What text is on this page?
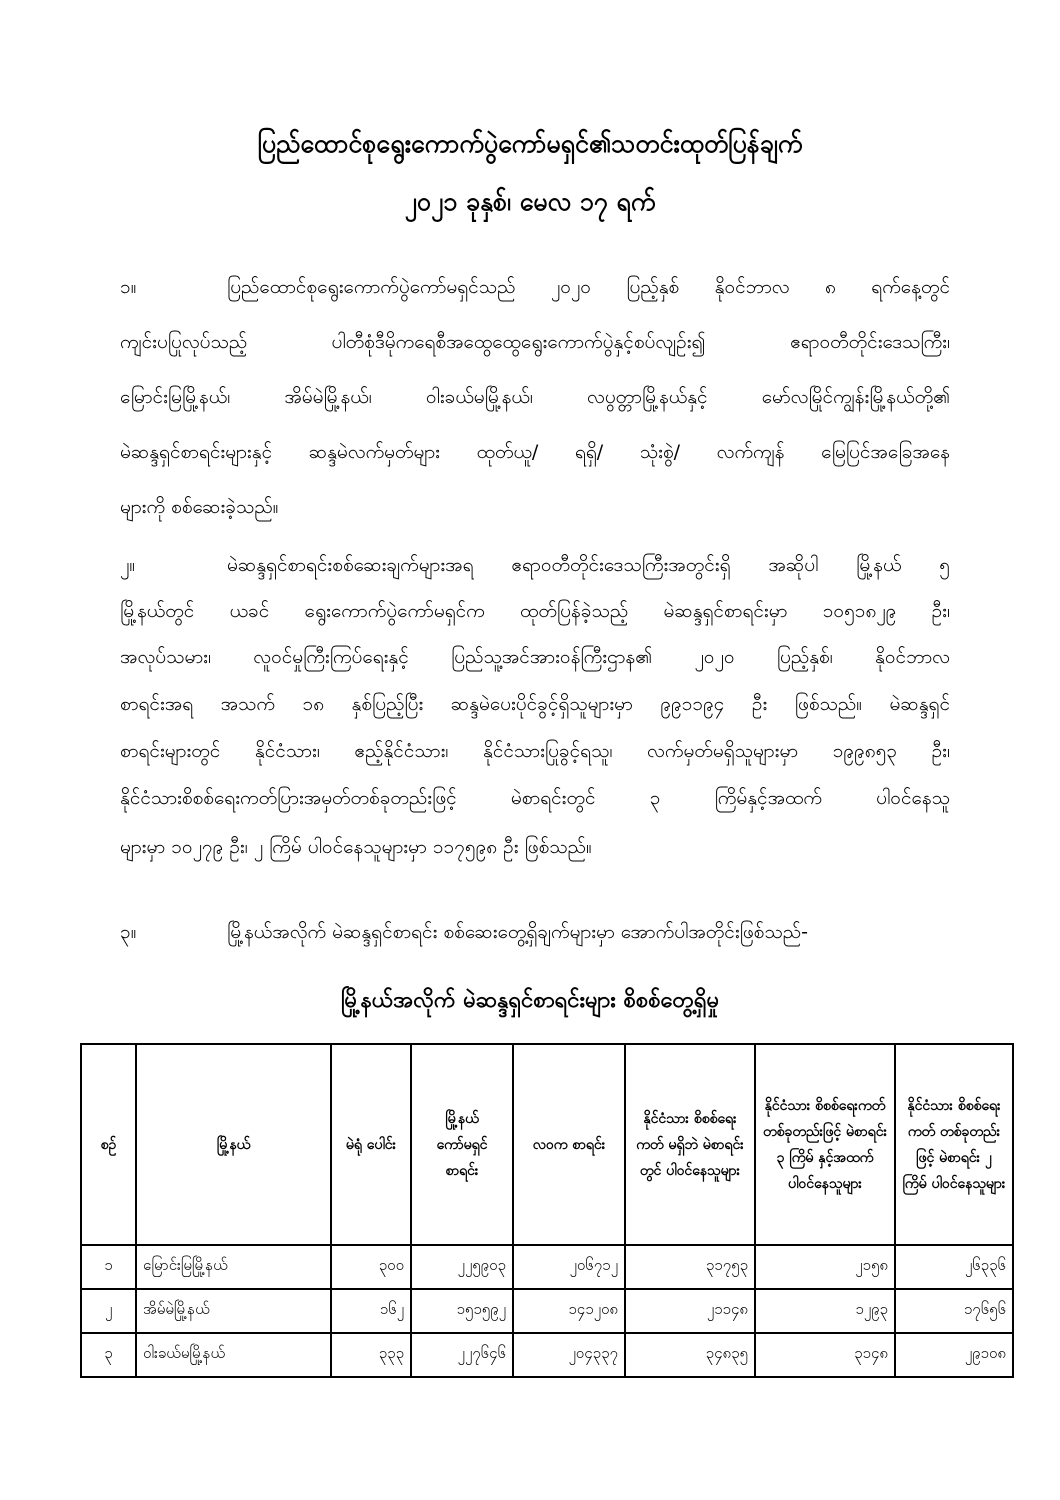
ပြည်ထောင်စုရွေးကောက်ပွဲကော်မရှင်၏သတင်းထုတ်ပြန်ချက်
၂၀၂၁ ခုနှစ်၊ မေလ ၁၇ ရက်
၁။	ပြည်ထောင်စုရွေးကောက်ပွဲကော်မရှင်သည် ၂၀၂၀ ပြည့်နှစ် နိုဝင်ဘာလ ၈ ရက်နေ့တွင်
ကျင်းပပြုလုပ်သည့် ပါတီစုံဒီမိုကရေစီအထွေထွေရွေးကောက်ပွဲနှင့်စပ်လျဉ်း၍ ဧရာဝတီတိုင်းဒေသကြီး၊
မြောင်းမြမြို့နယ်၊ အိမ်မဲမြို့နယ်၊ ဝါးခယ်မမြို့နယ်၊ လပွတ္တာမြို့နယ်နှင့် မော်လမြိုင်ကျွန်းမြို့နယ်တို့၏
မဲဆန္ဒရှင်စာရင်းများနှင့် ဆန္ဒမဲလက်မှတ်များ ထုတ်ယူ/ ရရှိ/ သုံးစွဲ/ လက်ကျန် မြေပြင်အခြေအနေ
များကို စစ်ဆေးခဲ့သည်။
၂။	မဲဆန္ဒရှင်စာရင်းစစ်ဆေးချက်များအရ ဧရာဝတီတိုင်းဒေသကြီးအတွင်းရှိ အဆိုပါ မြို့နယ် ၅
မြို့နယ်တွင် ယခင် ရွေးကောက်ပွဲကော်မရှင်က ထုတ်ပြန်ခဲ့သည့် မဲဆန္ဒရှင်စာရင်းမှာ ၁၀၅၁၈၂၉ ဦး၊
အလုပ်သမား၊ လူဝင်မှုကြီးကြပ်ရေးနှင့် ပြည်သူ့အင်အားဝန်ကြီးဌာန၏ ၂၀၂၀ ပြည့်နှစ်၊ နိုဝင်ဘာလ
စာရင်းအရ အသက် ၁၈ နှစ်ပြည့်ပြီး ဆန္ဒမဲပေးပိုင်ခွင့်ရှိသူများမှာ ၉၉၁၁၉၄ ဦး ဖြစ်သည်။ မဲဆန္ဒရှင်
စာရင်းများတွင် နိုင်ငံသား၊ ဧည့်နိုင်ငံသား၊ နိုင်ငံသားပြုခွင့်ရသူ၊ လက်မှတ်မရှိသူများမှာ ၁၉၉၈၅၃ ဦး၊
နိုင်ငံသားစိစစ်ရေးကတ်ပြားအမှတ်တစ်ခုတည်းဖြင့် မဲစာရင်းတွင် ၃ ကြိမ်နှင့်အထက် ပါဝင်နေသူ
များမှာ ၁၀၂၇၉ ဦး၊ ၂ ကြိမ် ပါဝင်နေသူများမှာ ၁၁၇၅၉၈ ဦး ဖြစ်သည်။
၃။	မြို့နယ်အလိုက် မဲဆန္ဒရှင်စာရင်း စစ်ဆေးတွေ့ရှိချက်များမှာ အောက်ပါအတိုင်းဖြစ်သည်-
မြို့နယ်အလိုက် မဲဆန္ဒရှင်စာရင်းများ စိစစ်တွေ့ရှိမှု
စဉ်	မြို့နယ်	မဲရုံ ပေါင်း	မြို့နယ် ကော်မရှင် စာရင်း	လဝက စာရင်း	နိုင်ငံသား စိစစ်ရေးကတ် မရှိဘဲ မဲစာရင်းတွင် ပါဝင်နေသူများ	နိုင်ငံသား စိစစ်ရေးကတ် တစ်ခုတည်းဖြင့် မဲစာရင်း ၃ ကြိမ် နှင့်အထက် ပါဝင်နေသူများ	နိုင်ငံသား စိစစ်ရေးကတ် တစ်ခုတည်းဖြင့် မဲစာရင်း ၂ ကြိမ် ပါဝင်နေသူများ
၁	မြောင်းမြမြို့နယ်	၃၀၀	၂၂၅၉၀၃	၂၀၆၇၁၂	၃၁၇၅၃	၂၁၅၈	၂၆၃၃၆
၂	အိမ်မဲမြို့နယ်	၁၆၂	၁၅၁၅၉၂	၁၄၁၂၀၈	၂၁၁၄၈	၁၂၉၃	၁၇၆၅၆
၃	ဝါးခယ်မမြို့နယ်	၃၃၃	၂၂၇၆၄၆	၂၀၄၃၃၇	၃၄၈၃၅	၃၁၄၈	၂၉၁၀၈
